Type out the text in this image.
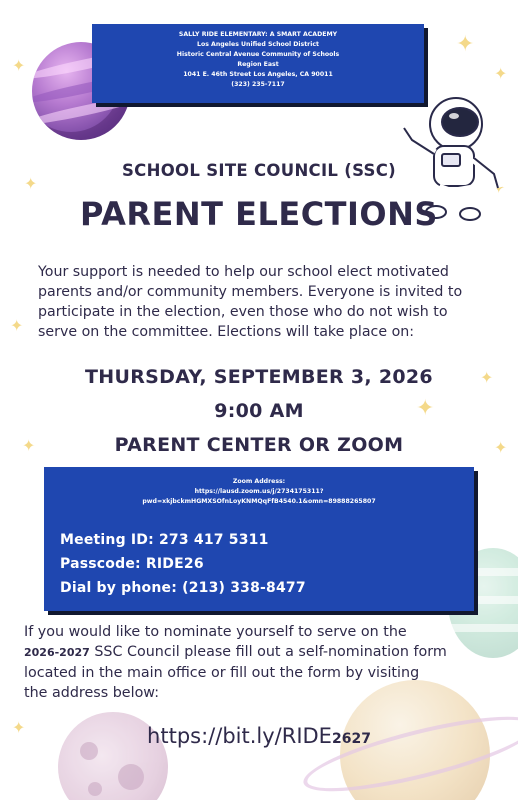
✦
✦
✦
✦	✦
✦
✦
✦
✦
✦
✦
SALLY RIDE ELEMENTARY: A SMART ACADEMY
Los Angeles Unified School District
Historic Central Avenue Community of Schools
Region East
1041 E. 46th Street Los Angeles, CA 90011
(323) 235-7117
SCHOOL SITE COUNCIL (SSC)
PARENT ELECTIONS
Your support is needed to help our school elect motivated parents and/or community members. Everyone is invited to participate in the election, even those who do not wish to serve on the committee. Elections will take place on:
THURSDAY, SEPTEMBER 3, 2026
9:00 AM
PARENT CENTER OR ZOOM
Zoom Address:
https://lausd.zoom.us/j/2734175311?
pwd=xkjbckmHGMXSOfnLoyKNMQqFfB4540.1&omn=89888265807
Meeting ID: 273 417 5311
Passcode: RIDE26
Dial by phone: (213) 338-8477
If you would like to nominate yourself to serve on the
2026-2027 SSC Council please fill out a self-nomination form
located in the main office or fill out the form by visiting
the address below:
https://bit.ly/RIDE2627
